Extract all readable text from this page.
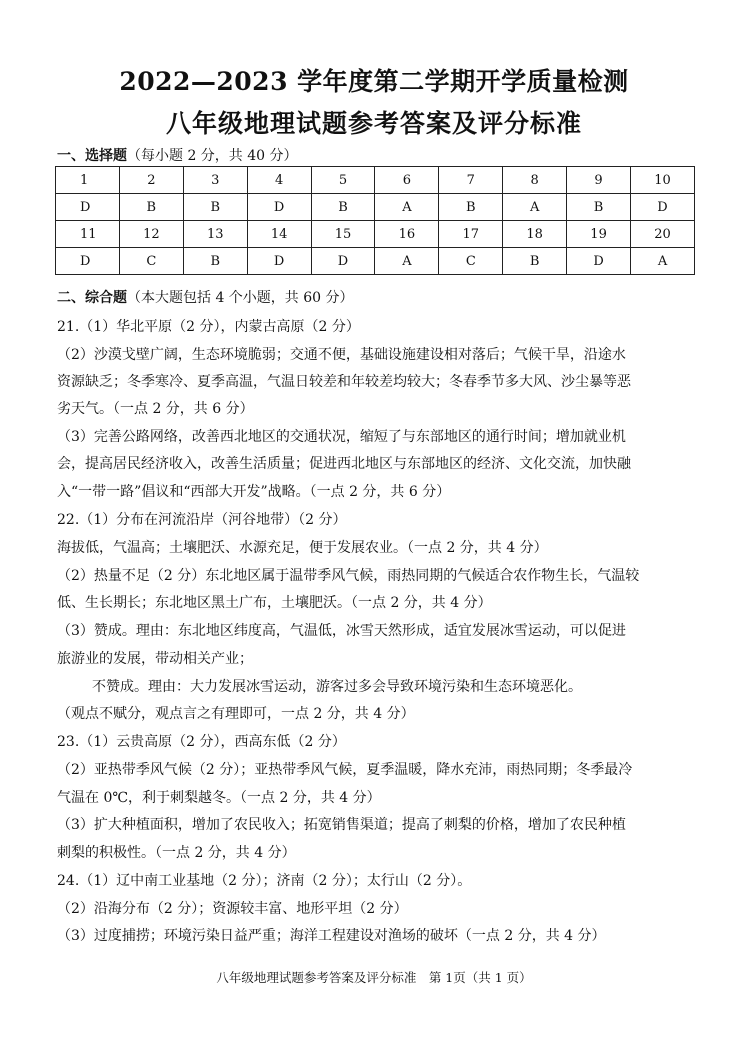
2022—2023 学年度第二学期开学质量检测
八年级地理试题参考答案及评分标准
一、选择题（每小题 2 分，共 40 分）
1	2	3	4	5	6	7	8	9	10
D	B	B	D	B	A	B	A	B	D
11	12	13	14	15	16	17	18	19	20
D	C	B	D	D	A	C	B	D	A
二、综合题（本大题包括 4 个小题，共 60 分）
21.（1）华北平原（2 分），内蒙古高原（2 分）
（2）沙漠戈壁广阔，生态环境脆弱；交通不便，基础设施建设相对落后；气候干旱，沿途水
资源缺乏；冬季寒冷、夏季高温，气温日较差和年较差均较大；冬春季节多大风、沙尘暴等恶
劣天气。（一点 2 分，共 6 分）
（3）完善公路网络，改善西北地区的交通状况，缩短了与东部地区的通行时间；增加就业机
会，提高居民经济收入，改善生活质量；促进西北地区与东部地区的经济、文化交流，加快融
入“一带一路”倡议和“西部大开发”战略。（一点 2 分，共 6 分）
22.（1）分布在河流沿岸（河谷地带）（2 分）
海拔低，气温高；土壤肥沃、水源充足，便于发展农业。（一点 2 分，共 4 分）
（2）热量不足（2 分）东北地区属于温带季风气候，雨热同期的气候适合农作物生长，气温较
低、生长期长；东北地区黑土广布，土壤肥沃。（一点 2 分，共 4 分）
（3）赞成。理由：东北地区纬度高，气温低，冰雪天然形成，适宜发展冰雪运动，可以促进
旅游业的发展，带动相关产业；
不赞成。理由：大力发展冰雪运动，游客过多会导致环境污染和生态环境恶化。
（观点不赋分，观点言之有理即可，一点 2 分，共 4 分）
23.（1）云贵高原（2 分），西高东低（2 分）
（2）亚热带季风气候（2 分）；亚热带季风气候，夏季温暖，降水充沛，雨热同期；冬季最冷
气温在 0℃，利于刺梨越冬。（一点 2 分，共 4 分）
（3）扩大种植面积，增加了农民收入；拓宽销售渠道；提高了刺梨的价格，增加了农民种植
刺梨的积极性。（一点 2 分，共 4 分）
24.（1）辽中南工业基地（2 分）；济南（2 分）；太行山（2 分）。
（2）沿海分布（2 分）；资源较丰富、地形平坦（2 分）
（3）过度捕捞；环境污染日益严重；海洋工程建设对渔场的破坏（一点 2 分，共 4 分）
八年级地理试题参考答案及评分标准　第 1页（共 1 页）
